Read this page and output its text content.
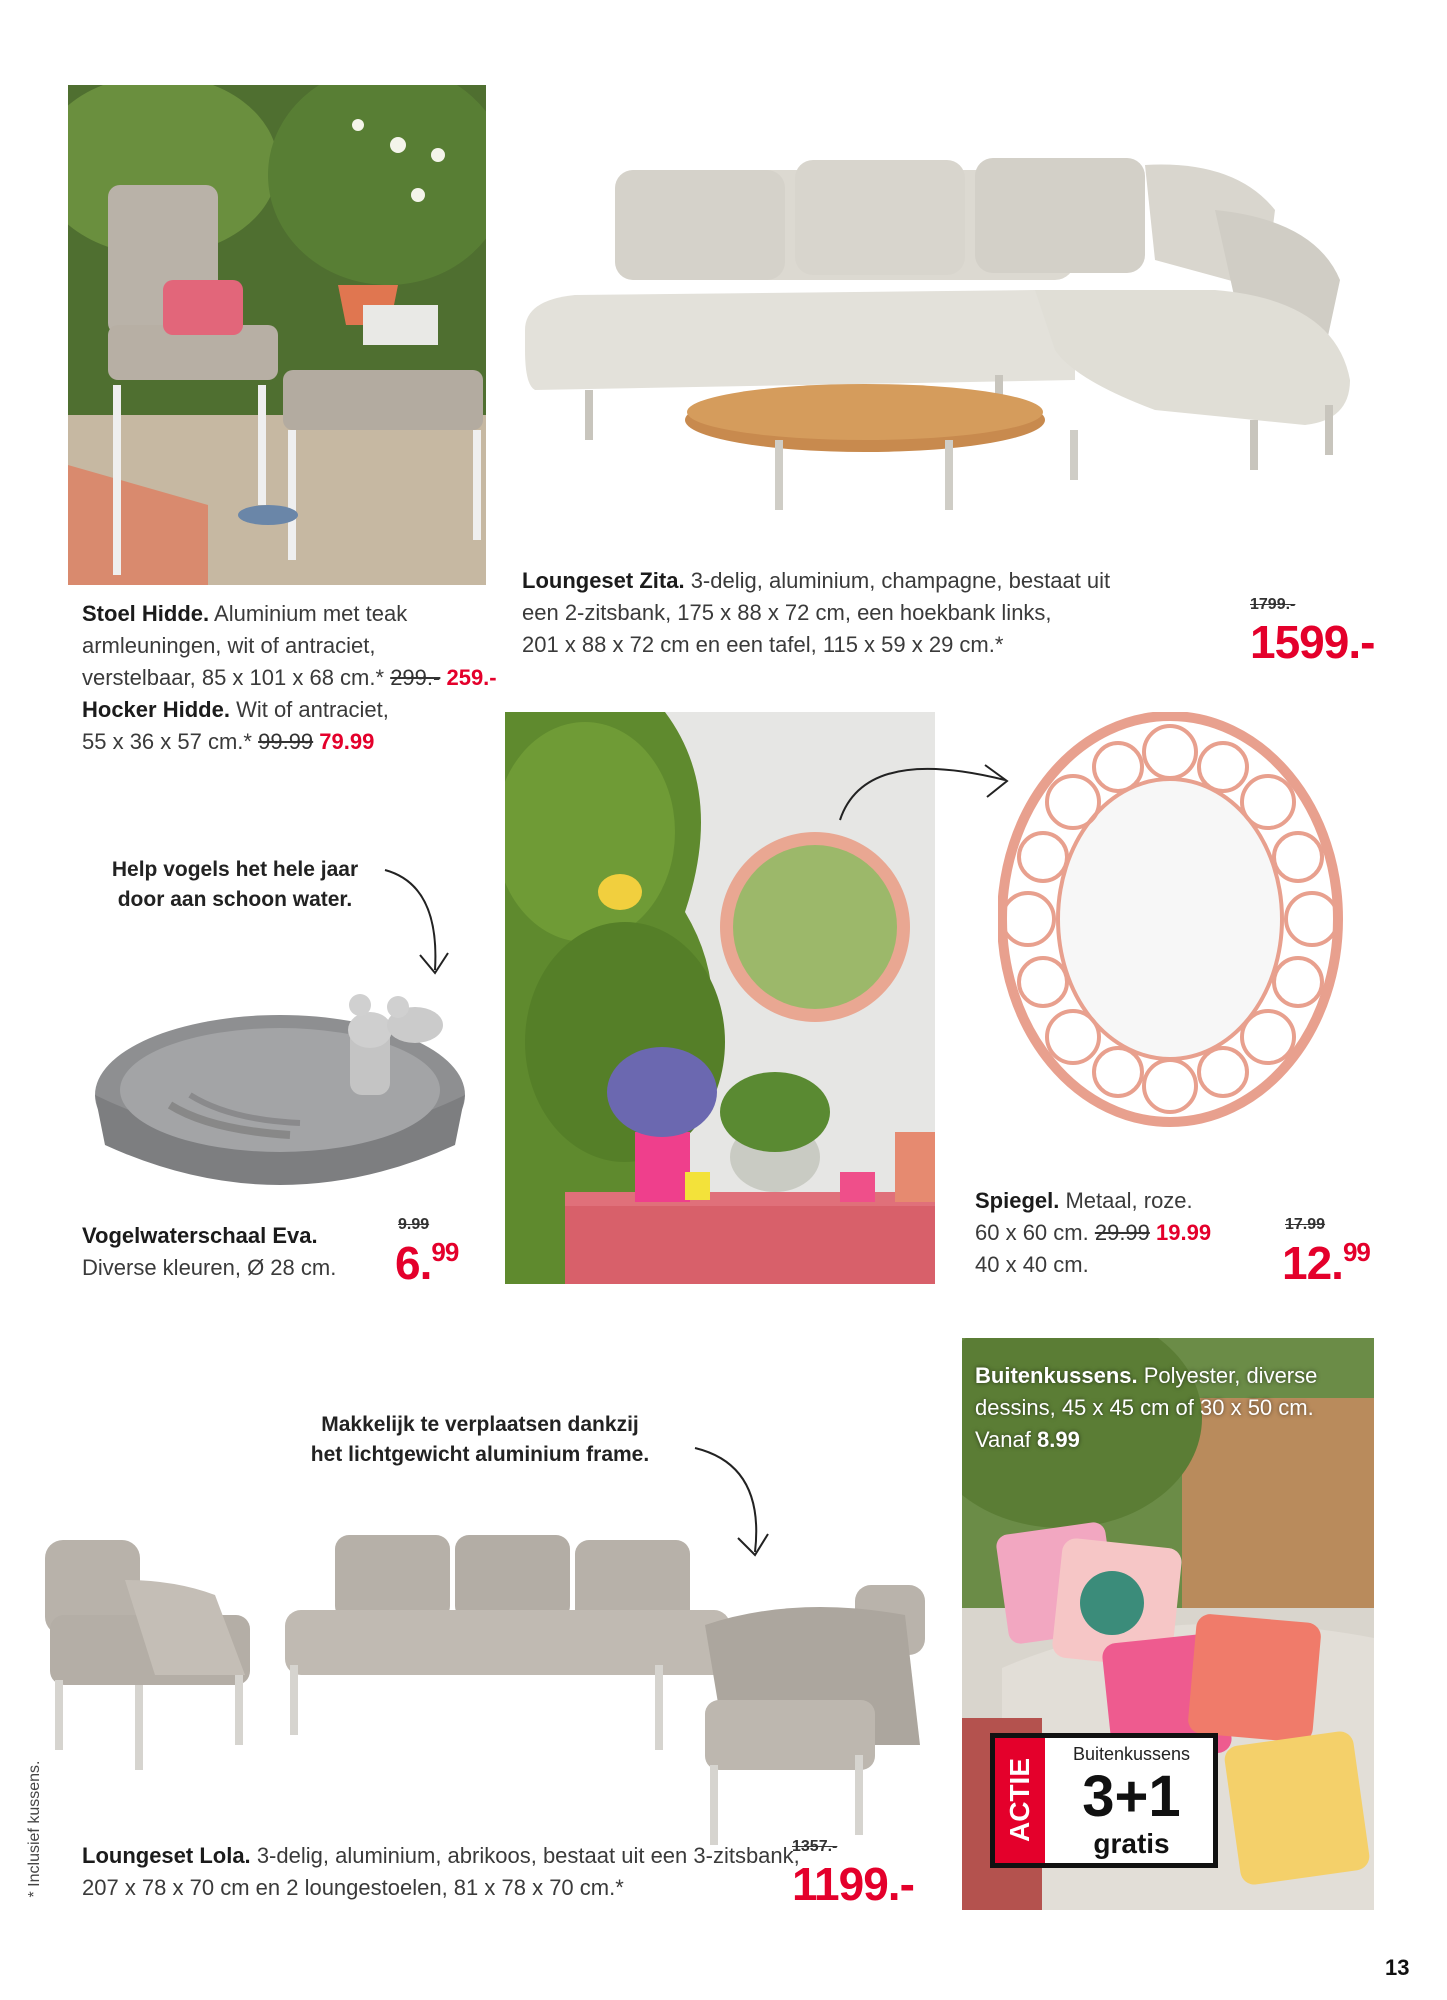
Stoel Hidde. Aluminium met teak
armleuningen, wit of antraciet,
verstelbaar, 85 x 101 x 68 cm.* 299.- 259.-
Hocker Hidde. Wit of antraciet,
55 x 36 x 57 cm.* 99.99 79.99
Loungeset Zita. 3-delig, aluminium, champagne, bestaat uit
een 2-zitsbank, 175 x 88 x 72 cm, een hoekbank links,
201 x 88 x 72 cm en een tafel, 115 x 59 x 29 cm.*
1799.-
1599.-
Help vogels het hele jaar
door aan schoon water.
Vogelwaterschaal Eva.
Diverse kleuren, Ø 28 cm.
9.99
6.99
Spiegel. Metaal, roze.
60 x 60 cm. 29.99 19.99
40 x 40 cm.
17.99
12.99
Makkelijk te verplaatsen dankzij
het lichtgewicht aluminium frame.
Loungeset Lola. 3-delig, aluminium, abrikoos, bestaat uit een 3-zitsbank,
207 x 78 x 70 cm en 2 loungestoelen, 81 x 78 x 70 cm.*
1357.-
1199.-
Buitenkussens. Polyester, diverse
dessins, 45 x 45 cm of 30 x 50 cm.
Vanaf 8.99
ACTIE
Buitenkussens
3+1
gratis
* Inclusief kussens.
13
